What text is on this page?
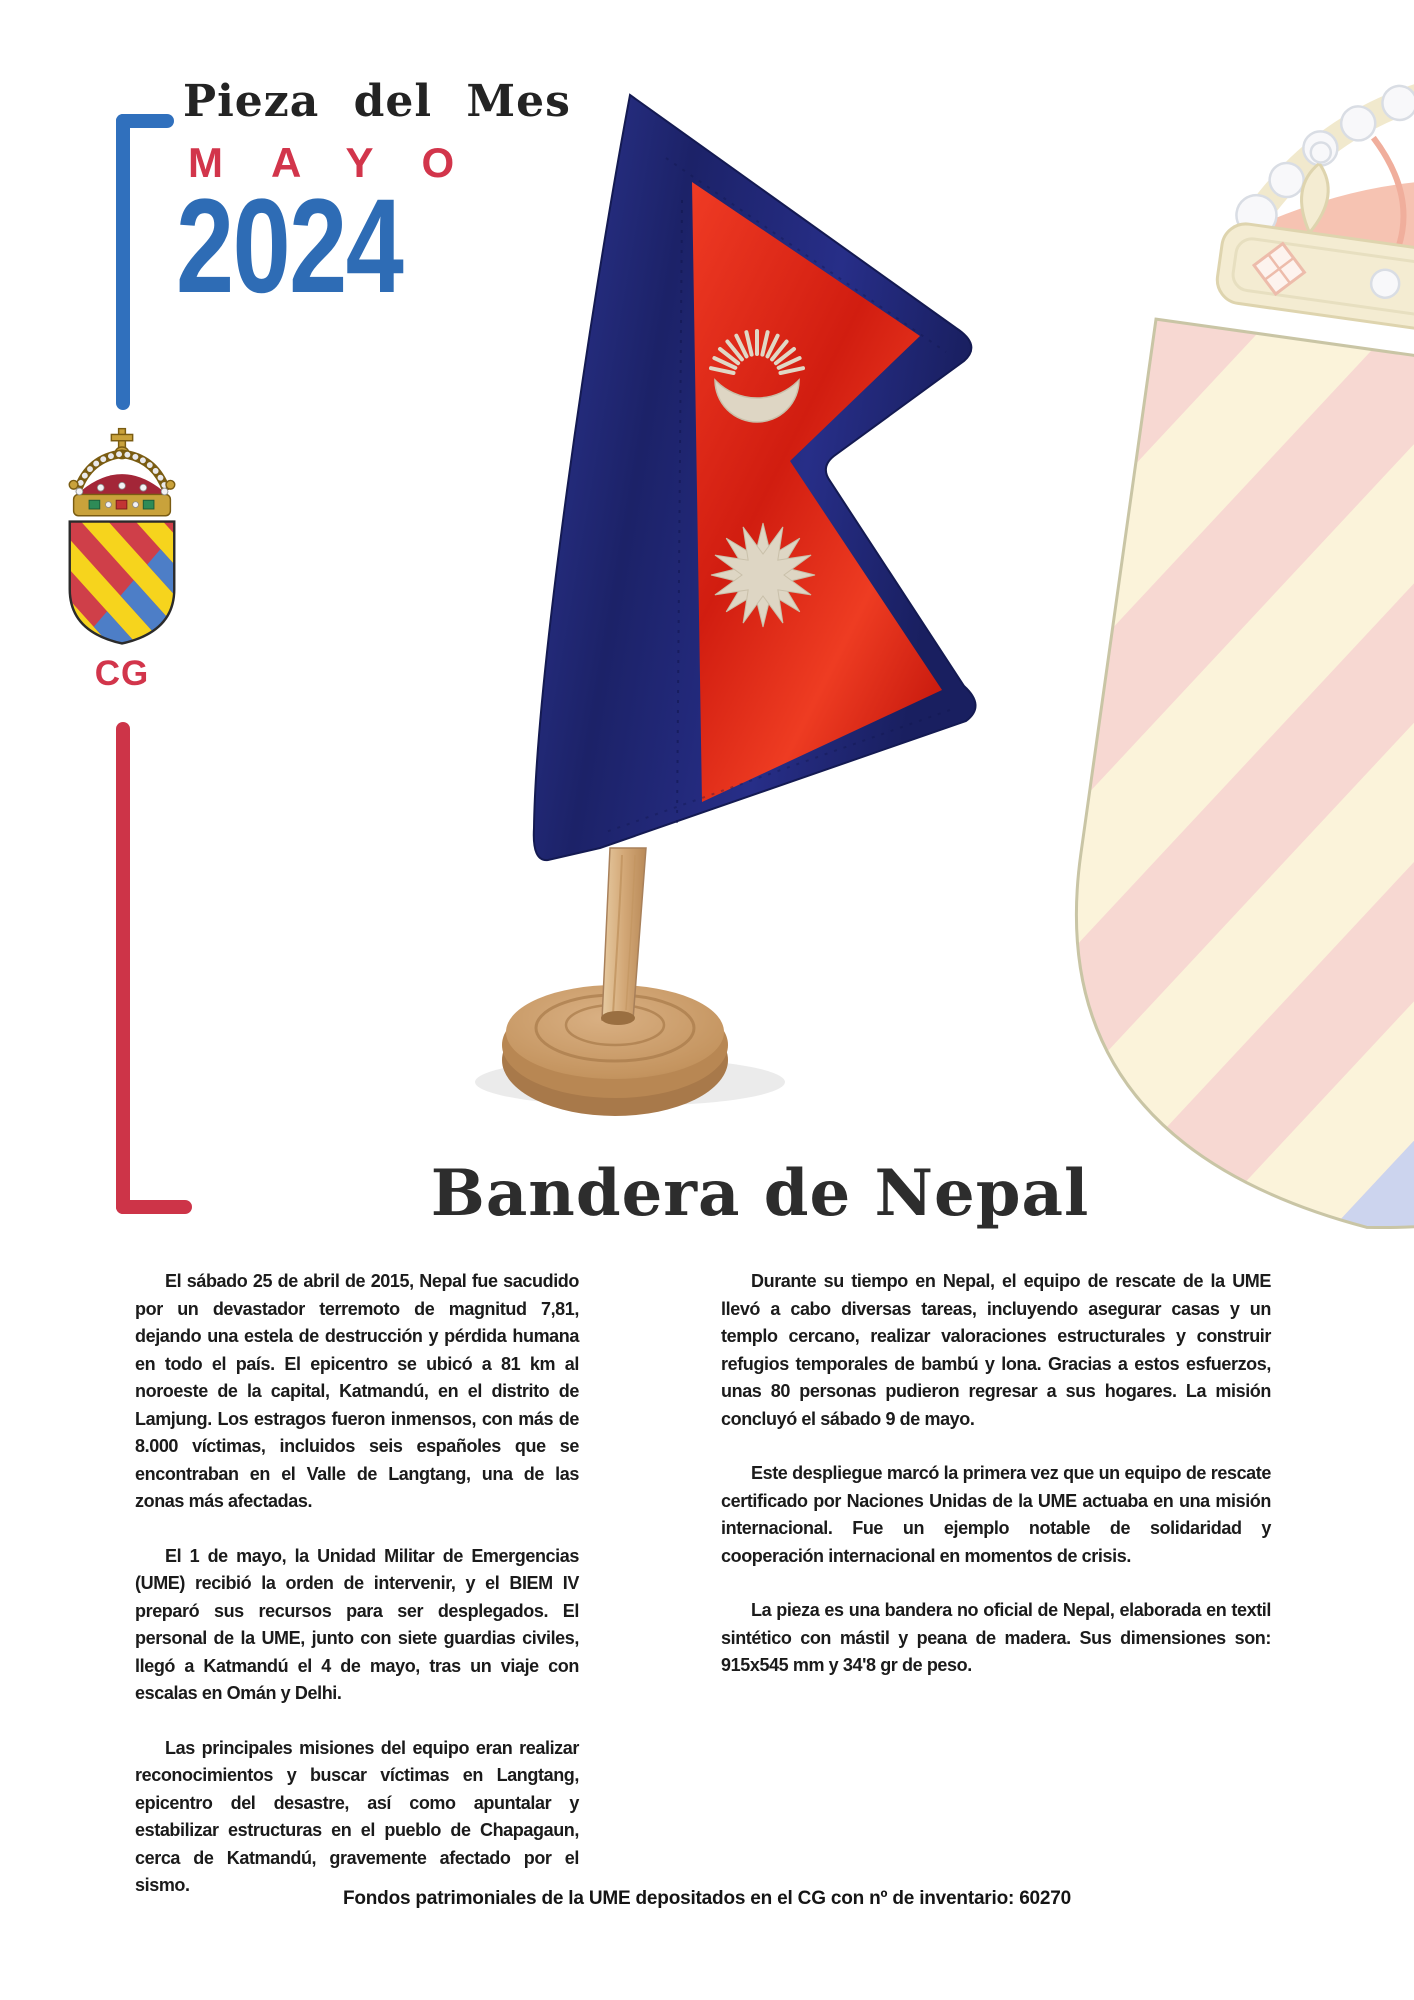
Pieza del Mes
MAYO
2024
CG
Bandera de Nepal

El sábado 25 de abril de 2015, Nepal fue sacudido por un devastador terremoto de magnitud 7,81, dejando una estela de destrucción y pérdida humana en todo el país. El epicentro se ubicó a 81 km al noroeste de la capital, Katmandú, en el distrito de Lamjung. Los estragos fueron inmensos, con más de 8.000 víctimas, incluidos seis españoles que se encontraban en el Valle de Langtang, una de las zonas más afectadas.

El 1 de mayo, la Unidad Militar de Emergencias (UME) recibió la orden de intervenir, y el BIEM IV preparó sus recursos para ser desplegados. El personal de la UME, junto con siete guardias civiles, llegó a Katmandú el 4 de mayo, tras un viaje con escalas en Omán y Delhi.

Las principales misiones del equipo eran realizar reconocimientos y buscar víctimas en Langtang, epicentro del desastre, así como apuntalar y estabilizar estructuras en el pueblo de Chapagaun, cerca de Katmandú, gravemente afectado por el sismo.

Durante su tiempo en Nepal, el equipo de rescate de la UME llevó a cabo diversas tareas, incluyendo asegurar casas y un templo cercano, realizar valoraciones estructurales y construir refugios temporales de bambú y lona. Gracias a estos esfuerzos, unas 80 personas pudieron regresar a sus hogares. La misión concluyó el sábado 9 de mayo.

Este despliegue marcó la primera vez que un equipo de rescate certificado por Naciones Unidas de la UME actuaba en una misión internacional. Fue un ejemplo notable de solidaridad y cooperación internacional en momentos de crisis.

La pieza es una bandera no oficial de Nepal, elaborada en textil sintético con mástil y peana de madera. Sus dimensiones son: 915x545 mm y 34'8 gr de peso.

Fondos patrimoniales de la UME depositados en el CG con nº de inventario: 60270
